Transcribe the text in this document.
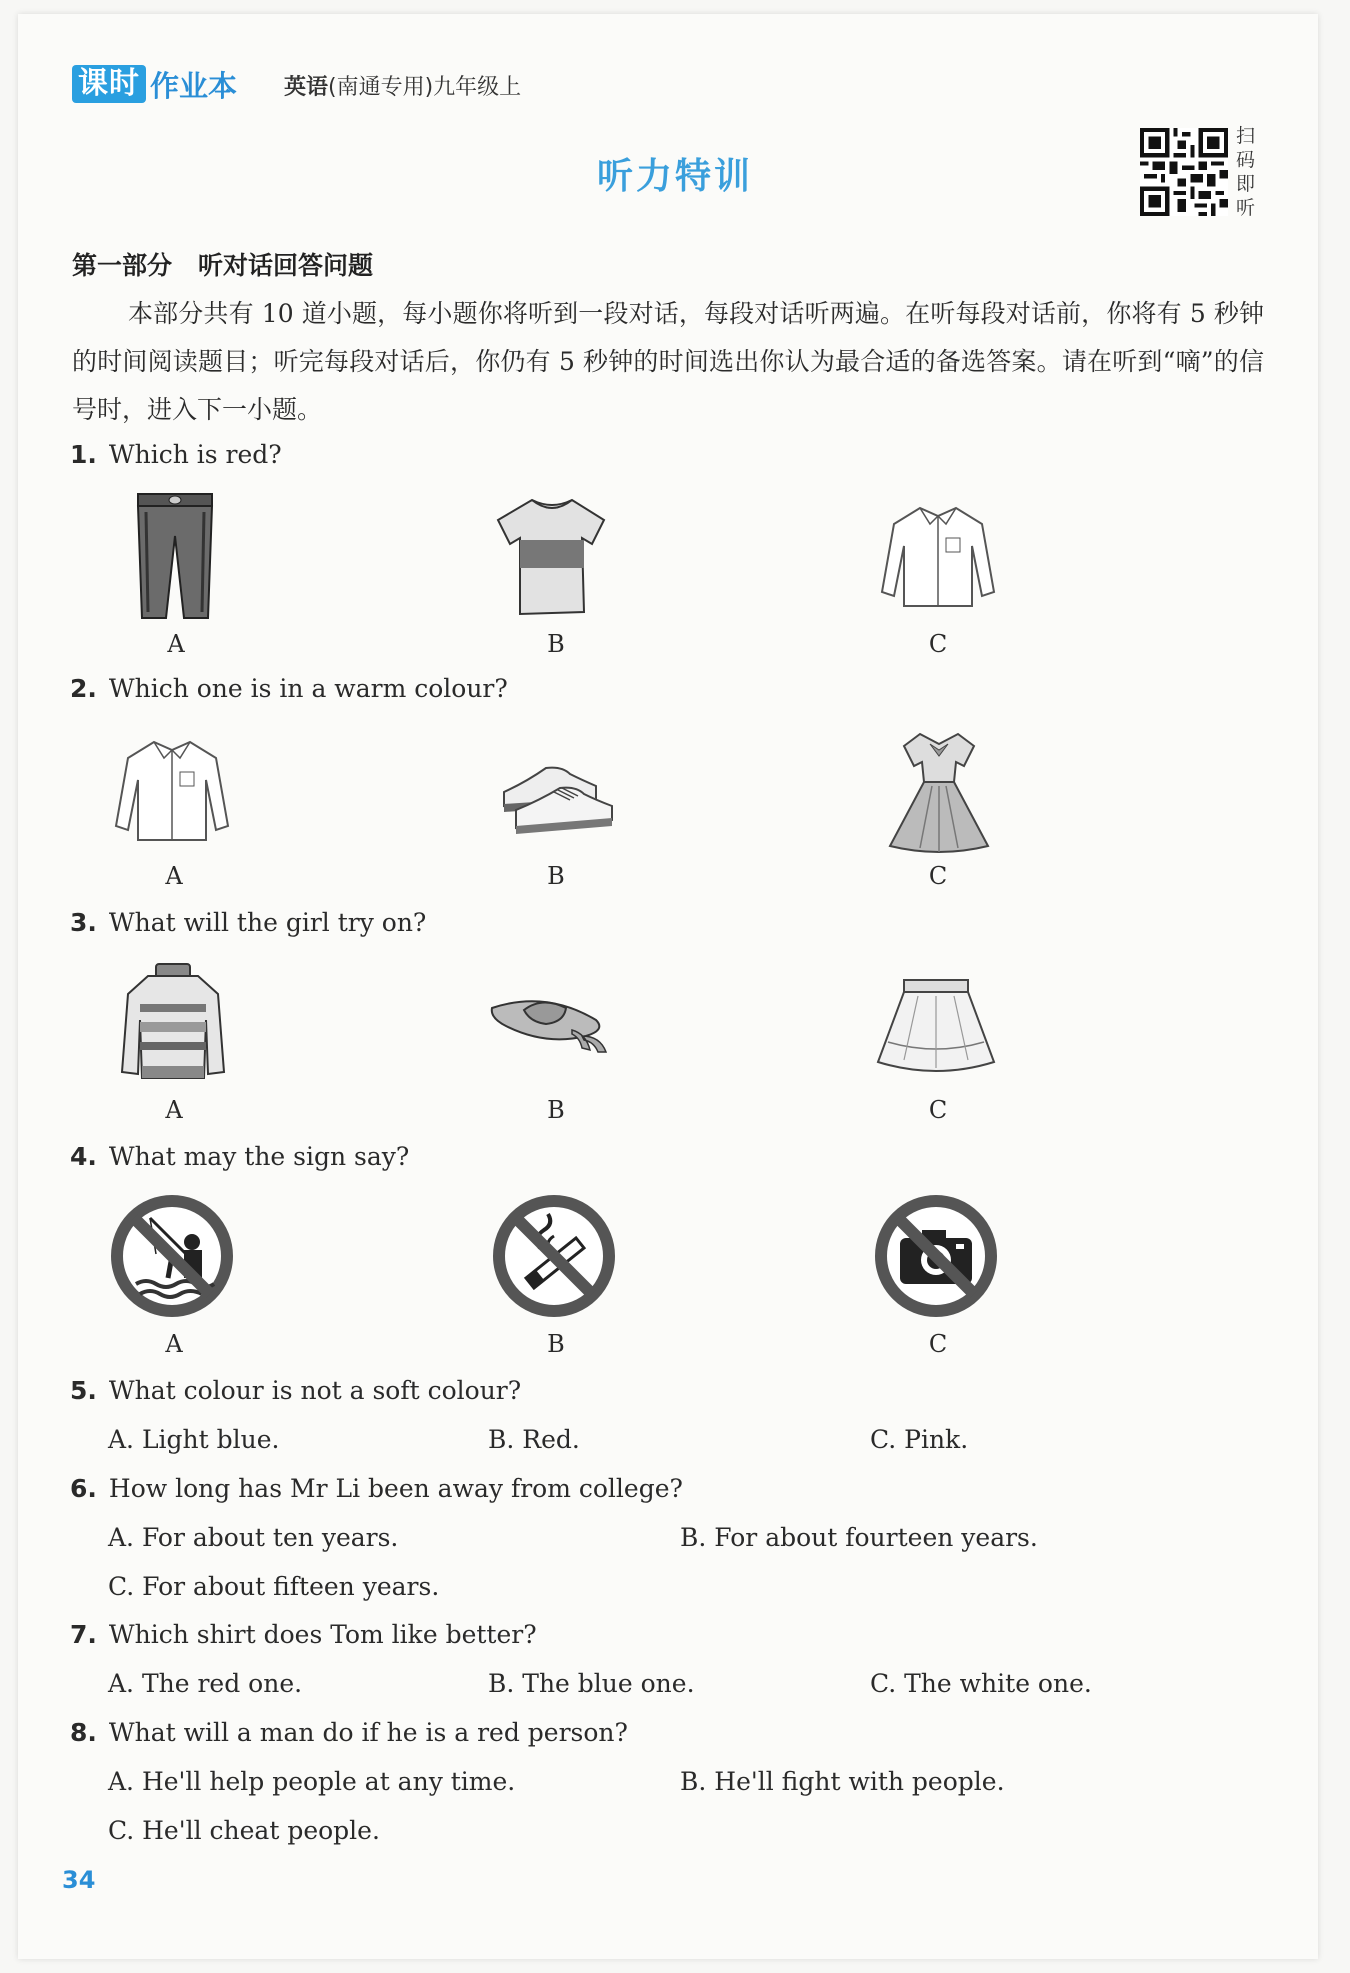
课时 作业本 英语(南通专用)九年级上
听力特训
扫
码
即
听
第一部分 听对话回答问题
本部分共有 10 道小题，每小题你将听到一段对话，每段对话听两遍。在听每段对话前，你将有 5 秒钟的时间阅读题目；听完每段对话后，你仍有 5 秒钟的时间选出你认为最合适的备选答案。请在听到“嘀”的信号时，进入下一小题。
1. Which is red?
A	B	C
2. Which one is in a warm colour?
A	B	C
3. What will the girl try on?
A	B	C
4. What may the sign say?
A	B	C
5. What colour is not a soft colour?
A. Light blue.	B. Red.	C. Pink.
6. How long has Mr Li been away from college?
A. For about ten years.	B. For about fourteen years.
C. For about fifteen years.
7. Which shirt does Tom like better?
A. The red one.	B. The blue one.	C. The white one.
8. What will a man do if he is a red person?
A. He'll help people at any time.	B. He'll fight with people.
C. He'll cheat people.
34
